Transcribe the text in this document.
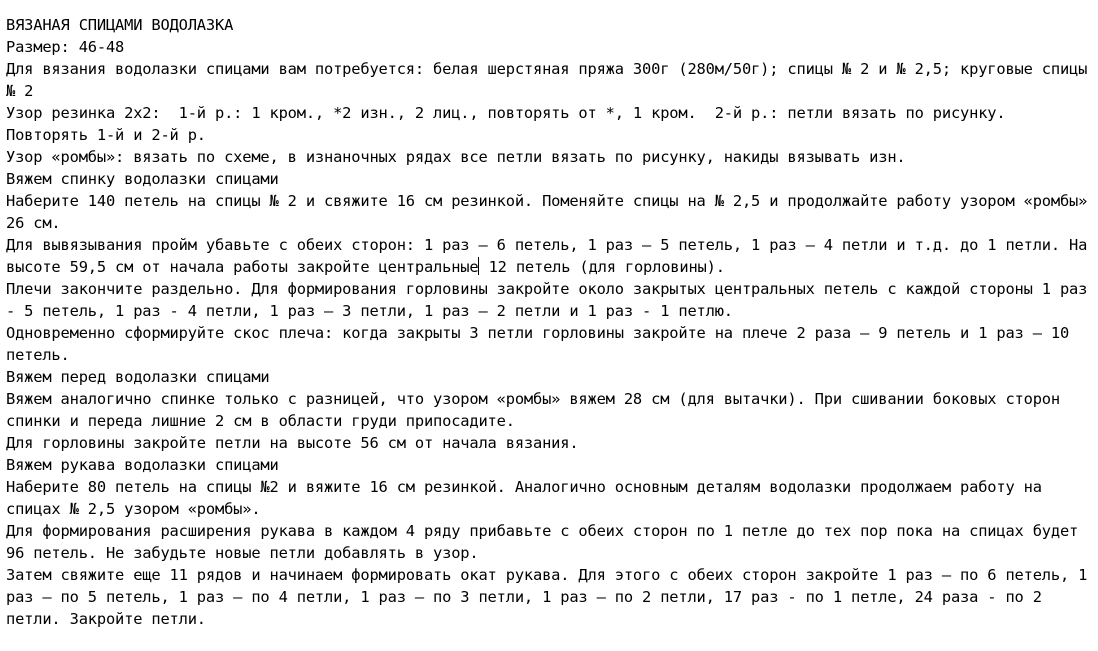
ВЯЗАНАЯ СПИЦАМИ ВОДОЛАЗКА
Размер: 46-48
Для вязания водолазки спицами вам потребуется: белая шерстяная пряжа 300г (280м/50г); спицы № 2 и № 2,5; круговые спицы № 2
Узор резинка 2х2:  1-й р.: 1 кром., *2 изн., 2 лиц., повторять от *, 1 кром.  2-й р.: петли вязать по рисунку.  Повторять 1-й и 2-й р.
Узор «ромбы»: вязать по схеме, в изнаночных рядах все петли вязать по рисунку, накиды вязывать изн.
Вяжем спинку водолазки спицами
Наберите 140 петель на спицы № 2 и свяжите 16 см резинкой. Поменяйте спицы на № 2,5 и продолжайте работу узором «ромбы» 26 см.
Для вывязывания пройм убавьте с обеих сторон: 1 раз — 6 петель, 1 раз – 5 петель, 1 раз – 4 петли и т.д. до 1 петли. На высоте 59,5 см от начала работы закройте центральные 12 петель (для горловины).
Плечи закончите раздельно. Для формирования горловины закройте около закрытых центральных петель с каждой стороны 1 раз - 5 петель, 1 раз - 4 петли, 1 раз – 3 петли, 1 раз – 2 петли и 1 раз - 1 петлю.
Одновременно сформируйте скос плеча: когда закрыты 3 петли горловины закройте на плече 2 раза – 9 петель и 1 раз – 10 петель.
Вяжем перед водолазки спицами
Вяжем аналогично спинке только с разницей, что узором «ромбы» вяжем 28 см (для вытачки). При сшивании боковых сторон спинки и переда лишние 2 см в области груди припосадите.
Для горловины закройте петли на высоте 56 см от начала вязания.
Вяжем рукава водолазки спицами
Наберите 80 петель на спицы №2 и вяжите 16 см резинкой. Аналогично основным деталям водолазки продолжаем работу на спицах № 2,5 узором «ромбы».
Для формирования расширения рукава в каждом 4 ряду прибавьте с обеих сторон по 1 петле до тех пор пока на спицах будет 96 петель. Не забудьте новые петли добавлять в узор.
Затем свяжите еще 11 рядов и начинаем формировать окат рукава. Для этого с обеих сторон закройте 1 раз – по 6 петель, 1 раз – по 5 петель, 1 раз – по 4 петли, 1 раз — по 3 петли, 1 раз – по 2 петли, 17 раз - по 1 петле, 24 раза - по 2 петли. Закройте петли.
